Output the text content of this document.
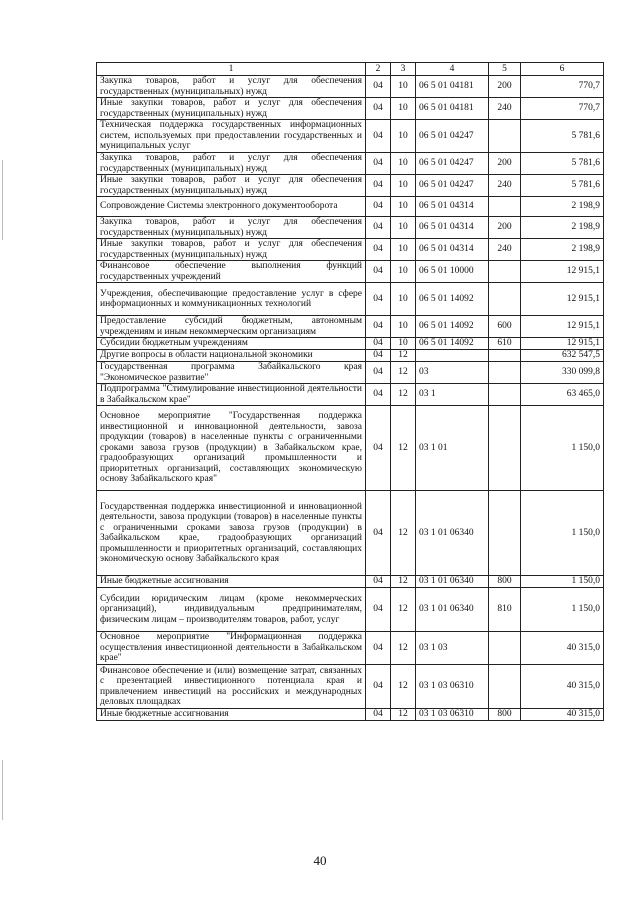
1	2	3	4	5	6
Закупка товаров, работ и услуг для обеспечения государственных (муниципальных) нужд	04	10	06 5 01 04181	200	770,7
Иные закупки товаров, работ и услуг для обеспечения государственных (муниципальных) нужд	04	10	06 5 01 04181	240	770,7
Техническая поддержка государственных информационных систем, используемых при предоставлении государственных и муниципальных услуг	04	10	06 5 01 04247		5 781,6
Закупка товаров, работ и услуг для обеспечения государственных (муниципальных) нужд	04	10	06 5 01 04247	200	5 781,6
Иные закупки товаров, работ и услуг для обеспечения государственных (муниципальных) нужд	04	10	06 5 01 04247	240	5 781,6
Сопровождение Системы электронного документооборота	04	10	06 5 01 04314		2 198,9
Закупка товаров, работ и услуг для обеспечения государственных (муниципальных) нужд	04	10	06 5 01 04314	200	2 198,9
Иные закупки товаров, работ и услуг для обеспечения государственных (муниципальных) нужд	04	10	06 5 01 04314	240	2 198,9
Финансовое обеспечение выполнения функций государственных учреждений	04	10	06 5 01 10000		12 915,1
Учреждения, обеспечивающие предоставление услуг в сфере информационных и коммуникационных технологий	04	10	06 5 01 14092		12 915,1
Предоставление субсидий бюджетным, автономным учреждениям и иным некоммерческим организациям	04	10	06 5 01 14092	600	12 915,1
Субсидии бюджетным учреждениям	04	10	06 5 01 14092	610	12 915,1
Другие вопросы в области национальной экономики	04	12			632 547,5
Государственная программа Забайкальского края "Экономическое развитие"	04	12	03		330 099,8
Подпрограмма "Стимулирование инвестиционной деятельности в Забайкальском крае"	04	12	03 1		63 465,0
Основное мероприятие "Государственная поддержка инвестиционной и инновационной деятельности, завоза продукции (товаров) в населенные пункты с ограниченными сроками завоза грузов (продукции) в Забайкальском крае, градообразующих организаций промышленности и приоритетных организаций, составляющих экономическую основу Забайкальского края"	04	12	03 1 01		1 150,0
Государственная поддержка инвестиционной и инновационной деятельности, завоза продукции (товаров) в населенные пункты с ограниченными сроками завоза грузов (продукции) в Забайкальском крае, градообразующих организаций промышленности и приоритетных организаций, составляющих экономическую основу Забайкальского края	04	12	03 1 01 06340		1 150,0
Иные бюджетные ассигнования	04	12	03 1 01 06340	800	1 150,0
Субсидии юридическим лицам (кроме некоммерческих организаций), индивидуальным предпринимателям, физическим лицам – производителям товаров, работ, услуг	04	12	03 1 01 06340	810	1 150,0
Основное мероприятие "Информационная поддержка осуществления инвестиционной деятельности в Забайкальском крае"	04	12	03 1 03		40 315,0
Финансовое обеспечение и (или) возмещение затрат, связанных с презентацией инвестиционного потенциала края и привлечением инвестиций на российских и международных деловых площадках	04	12	03 1 03 06310		40 315,0
Иные бюджетные ассигнования	04	12	03 1 03 06310	800	40 315,0
40
